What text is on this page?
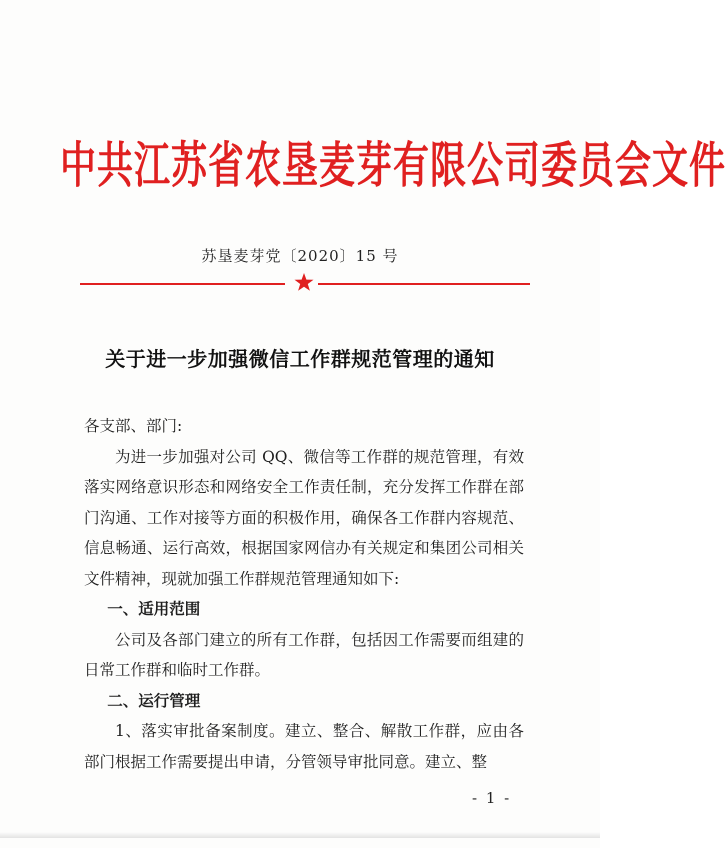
中共江苏省农垦麦芽有限公司委员会文件
苏垦麦芽党〔2020〕15 号
关于进一步加强微信工作群规范管理的通知

各支部、部门:

为进一步加强对公司 QQ、微信等工作群的规范管理，有效落实网络意识形态和网络安全工作责任制，充分发挥工作群在部门沟通、工作对接等方面的积极作用，确保各工作群内容规范、信息畅通、运行高效，根据国家网信办有关规定和集团公司相关文件精神，现就加强工作群规范管理通知如下:

一、适用范围

公司及各部门建立的所有工作群，包括因工作需要而组建的日常工作群和临时工作群。

二、运行管理

1、落实审批备案制度。建立、整合、解散工作群，应由各部门根据工作需要提出申请，分管领导审批同意。建立、整

- 1 -
